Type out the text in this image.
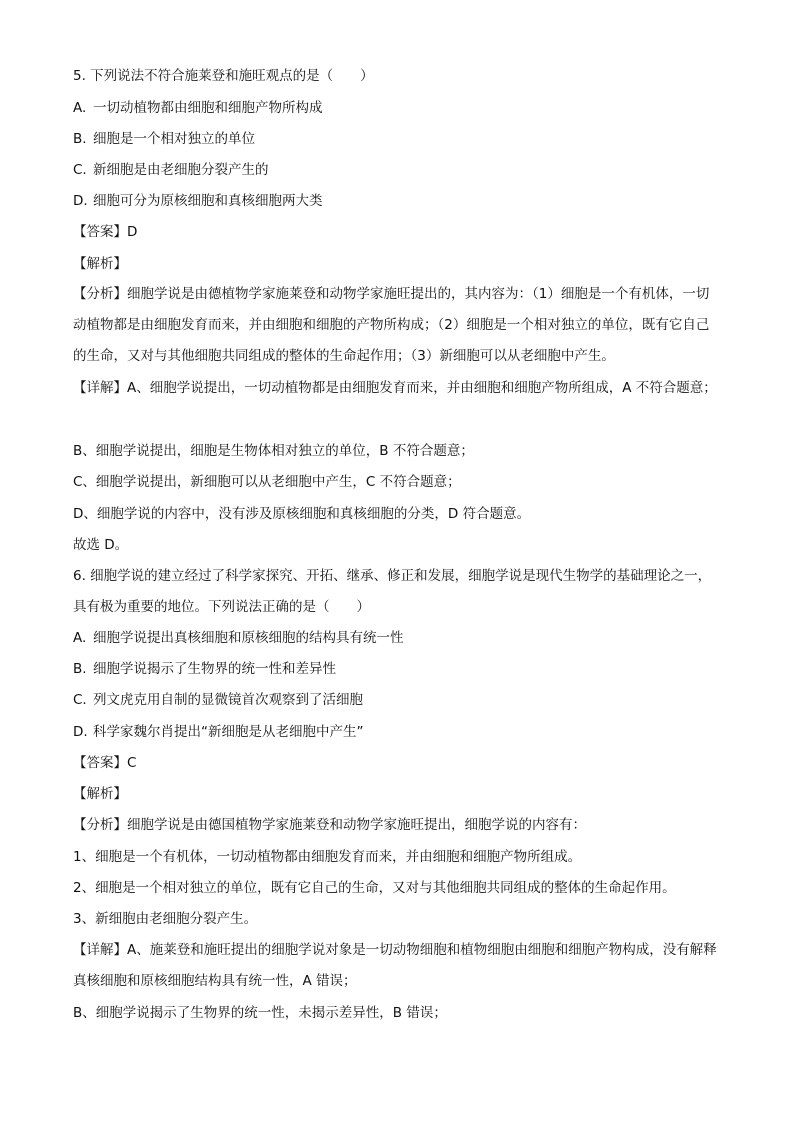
5. 下列说法不符合施莱登和施旺观点的是（　　）
A. 一切动植物都由细胞和细胞产物所构成
B. 细胞是一个相对独立的单位
C. 新细胞是由老细胞分裂产生的
D. 细胞可分为原核细胞和真核细胞两大类
【答案】D
【解析】
【分析】细胞学说是由德植物学家施莱登和动物学家施旺提出的，其内容为：（1）细胞是一个有机体，一切动植物都是由细胞发育而来，并由细胞和细胞的产物所构成；（2）细胞是一个相对独立的单位，既有它自己的生命，又对与其他细胞共同组成的整体的生命起作用；（3）新细胞可以从老细胞中产生。
【详解】A、细胞学说提出，一切动植物都是由细胞发育而来，并由细胞和细胞产物所组成，A 不符合题意；
B、细胞学说提出，细胞是生物体相对独立的单位，B 不符合题意；
C、细胞学说提出，新细胞可以从老细胞中产生，C 不符合题意；
D、细胞学说的内容中，没有涉及原核细胞和真核细胞的分类，D 符合题意。
故选 D。
6. 细胞学说的建立经过了科学家探究、开拓、继承、修正和发展，细胞学说是现代生物学的基础理论之一，具有极为重要的地位。下列说法正确的是（　　）
A. 细胞学说提出真核细胞和原核细胞的结构具有统一性
B. 细胞学说揭示了生物界的统一性和差异性
C. 列文虎克用自制的显微镜首次观察到了活细胞
D. 科学家魏尔肖提出“新细胞是从老细胞中产生”
【答案】C
【解析】
【分析】细胞学说是由德国植物学家施莱登和动物学家施旺提出，细胞学说的内容有：
1、细胞是一个有机体，一切动植物都由细胞发育而来，并由细胞和细胞产物所组成。
2、细胞是一个相对独立的单位，既有它自己的生命，又对与其他细胞共同组成的整体的生命起作用。
3、新细胞由老细胞分裂产生。
【详解】A、施莱登和施旺提出的细胞学说对象是一切动物细胞和植物细胞由细胞和细胞产物构成，没有解释真核细胞和原核细胞结构具有统一性，A 错误；
B、细胞学说揭示了生物界的统一性，未揭示差异性，B 错误；
